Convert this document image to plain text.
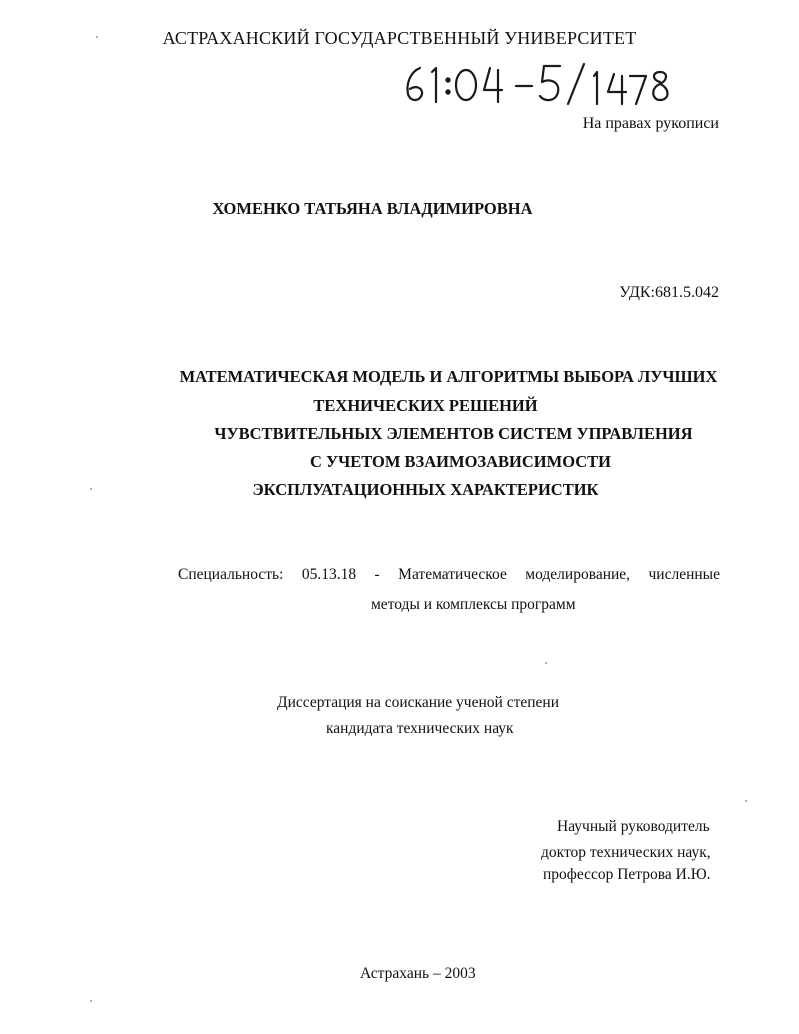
АСТРАХАНСКИЙ ГОСУДАРСТВЕННЫЙ УНИВЕРСИТЕТ
На правах рукописи
ХОМЕНКО ТАТЬЯНА ВЛАДИМИРОВНА
УДК:681.5.042
МАТЕМАТИЧЕСКАЯ МОДЕЛЬ И АЛГОРИТМЫ ВЫБОРА ЛУЧШИХ
ТЕХНИЧЕСКИХ РЕШЕНИЙ
ЧУВСТВИТЕЛЬНЫХ ЭЛЕМЕНТОВ СИСТЕМ УПРАВЛЕНИЯ
С УЧЕТОМ ВЗАИМОЗАВИСИМОСТИ
ЭКСПЛУАТАЦИОННЫХ ХАРАКТЕРИСТИК
Специальность: 05.13.18 - Математическое моделирование, численные
методы и комплексы программ
Диссертация на соискание ученой степени
кандидата технических наук
Научный руководитель
доктор технических наук,
профессор Петрова И.Ю.
Астрахань – 2003
